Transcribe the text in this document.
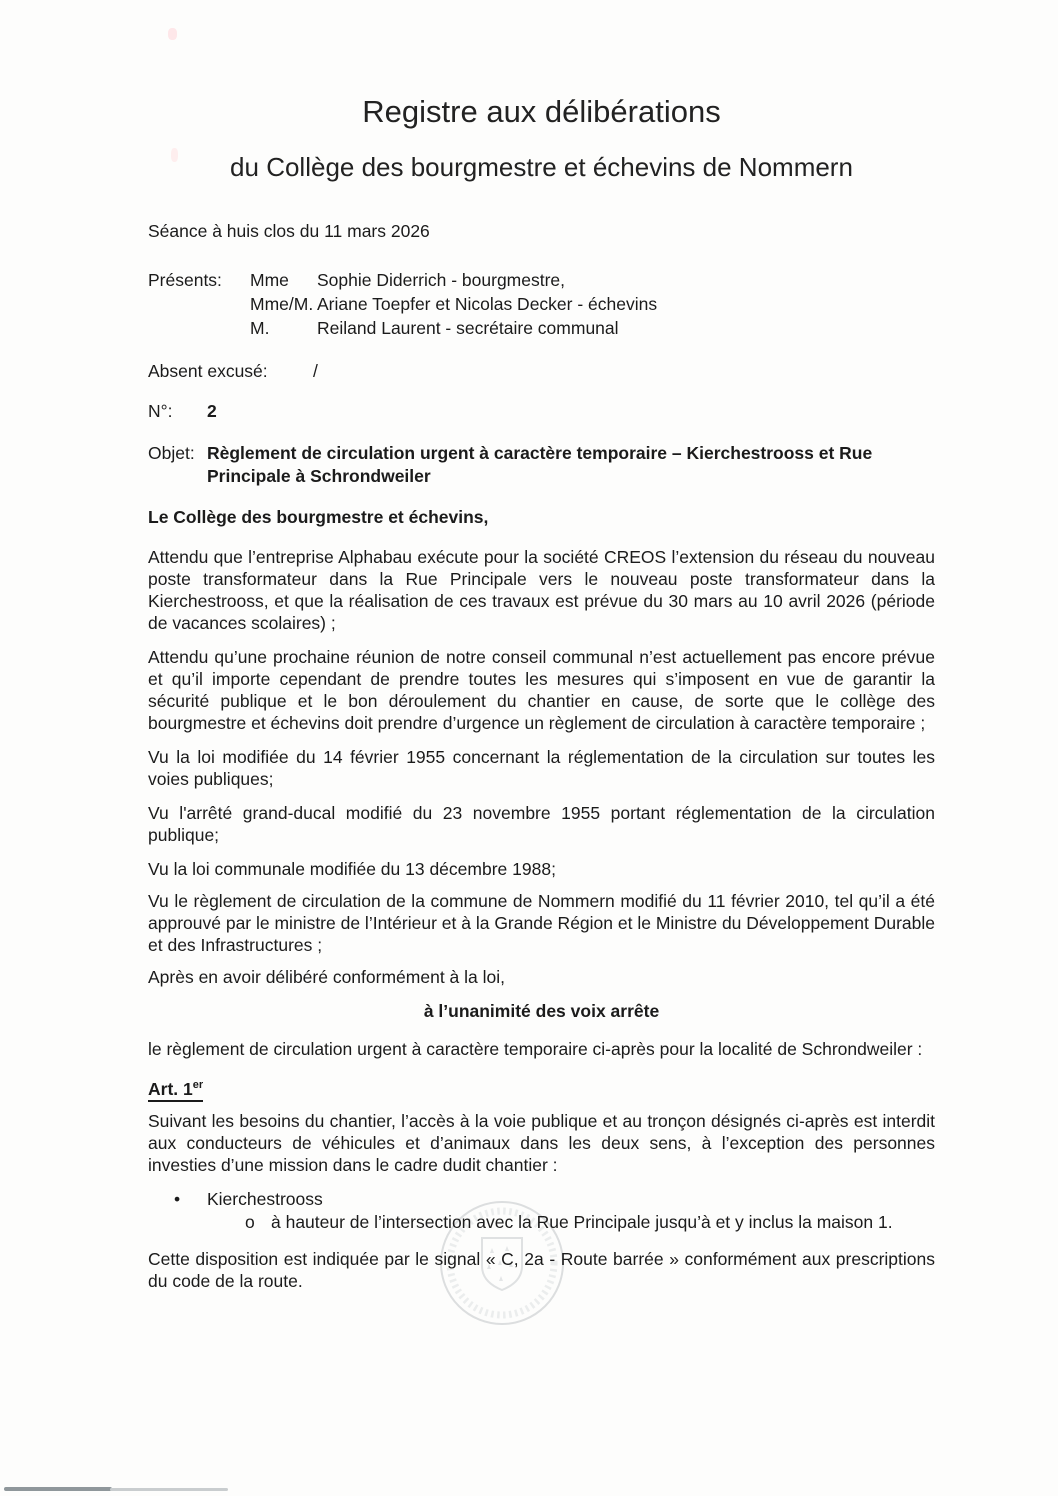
Registre aux délibérations
du Collège des bourgmestre et échevins de Nommern

Séance à huis clos du 11 mars 2026

Présents:	Mme	Sophie Diderrich - bourgmestre,
Mme/M. Ariane Toepfer et Nicolas Decker - échevins
M.	Reiland Laurent - secrétaire communal
Absent excusé:	/
N°:	2
Objet: Règlement de circulation urgent à caractère temporaire – Kierchestrooss et Rue Principale à Schrondweiler

Le Collège des bourgmestre et échevins,

Attendu que l’entreprise Alphabau exécute pour la société CREOS l’extension du réseau du nouveau poste transformateur dans la Rue Principale vers le nouveau poste transformateur dans la Kierchestrooss, et que la réalisation de ces travaux est prévue du 30 mars au 10 avril 2026 (période de vacances scolaires) ;

Attendu qu’une prochaine réunion de notre conseil communal n’est actuellement pas encore prévue et qu’il importe cependant de prendre toutes les mesures qui s’imposent en vue de garantir la sécurité publique et le bon déroulement du chantier en cause, de sorte que le collège des bourgmestre et échevins doit prendre d’urgence un règlement de circulation à caractère temporaire ;

Vu la loi modifiée du 14 février 1955 concernant la réglementation de la circulation sur toutes les voies publiques;

Vu l'arrêté grand-ducal modifié du 23 novembre 1955 portant réglementation de la circulation publique;

Vu la loi communale modifiée du 13 décembre 1988;

Vu le règlement de circulation de la commune de Nommern modifié du 11 février 2010, tel qu’il a été approuvé par le ministre de l’Intérieur et à la Grande Région et le Ministre du Développement Durable et des Infrastructures ;

Après en avoir délibéré conformément à la loi,

à l’unanimité des voix arrête

le règlement de circulation urgent à caractère temporaire ci-après pour la localité de Schrondweiler :

Art. 1er

Suivant les besoins du chantier, l’accès à la voie publique et au tronçon désignés ci-après est interdit aux conducteurs de véhicules et d’animaux dans les deux sens, à l’exception des personnes investies d’une mission dans le cadre dudit chantier :

•	Kierchestrooss
o à hauteur de l’intersection avec la Rue Principale jusqu’à et y inclus la maison 1.

Cette disposition est indiquée par le signal « C, 2a - Route barrée » conformément aux prescriptions du code de la route.
